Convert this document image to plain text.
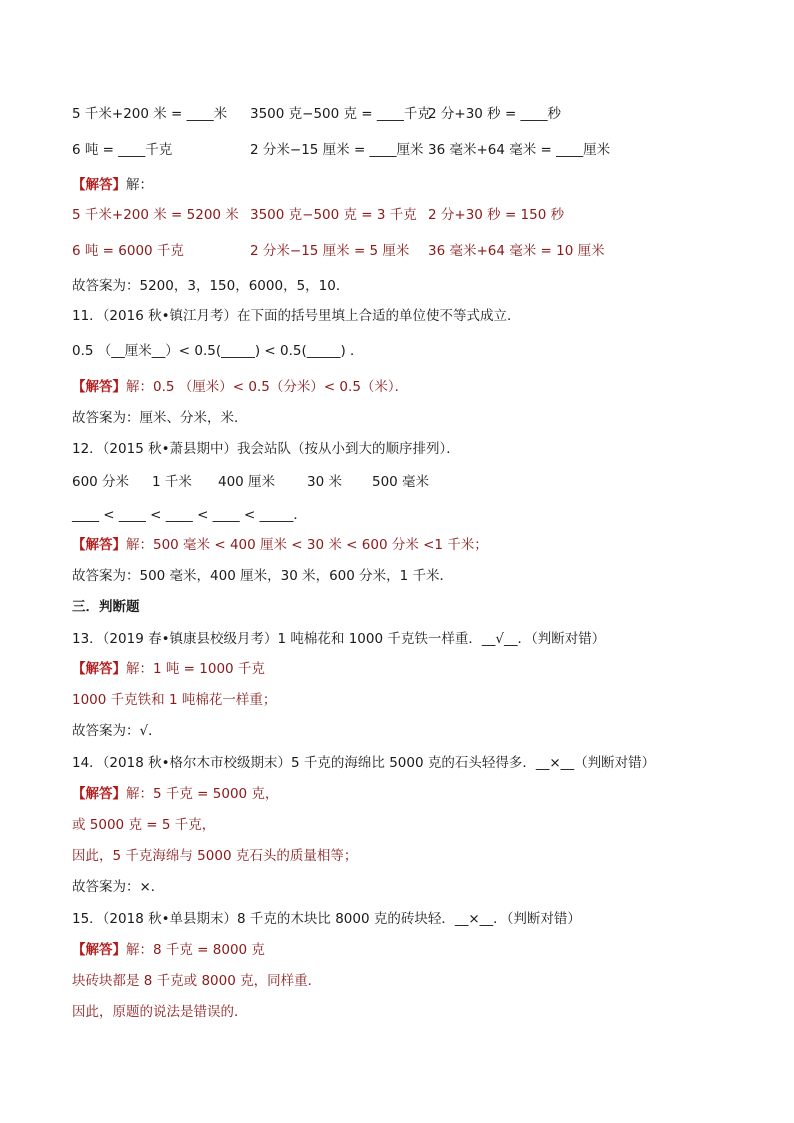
5 千米+200 米 = ____米 3500 克−500 克 = ____千克
2 分+30 秒 = ____秒
6 吨 = ____千克	2 分米−15 厘米 = ____厘米 36 毫米+64 毫米 = ____厘米
【解答】解：
5 千米+200 米 = 5200 米 3500 克−500 克 = 3 千克 2 分+30 秒 = 150 秒
6 吨 = 6000 千克	2 分米−15 厘米 = 5 厘米 36 毫米+64 毫米 = 10 厘米
故答案为：5200，3，150，6000，5，10．
11．（2016 秋•镇江月考）在下面的括号里填上合适的单位使不等式成立．
0.5 （__厘米__）< 0.5(_____) < 0.5(_____) ．
【解答】解：0.5 （厘米）< 0.5（分米）< 0.5（米）．
故答案为：厘米、分米，米．
12．（2015 秋•萧县期中）我会站队（按从小到大的顺序排列）．
600 分米 1 千米 400 厘米 30 米 500 毫米
____ < ____ < ____ < ____ < _____．
【解答】解：500 毫米 < 400 厘米 < 30 米 < 600 分米 <1 千米；
故答案为：500 毫米，400 厘米，30 米，600 分米，1 千米．
三．判断题
13．（2019 春•镇康县校级月考）1 吨棉花和 1000 千克铁一样重．__√__．（判断对错）
【解答】解：1 吨 = 1000 千克
1000 千克铁和 1 吨棉花一样重；
故答案为：√．
14．（2018 秋•格尔木市校级期末）5 千克的海绵比 5000 克的石头轻得多．__×__（判断对错）
【解答】解：5 千克 = 5000 克，
或 5000 克 = 5 千克，
因此，5 千克海绵与 5000 克石头的质量相等；
故答案为：×．
15．（2018 秋•单县期末）8 千克的木块比 8000 克的砖块轻．__×__．（判断对错）
【解答】解：8 千克 = 8000 克
块砖块都是 8 千克或 8000 克，同样重．
因此，原题的说法是错误的．
